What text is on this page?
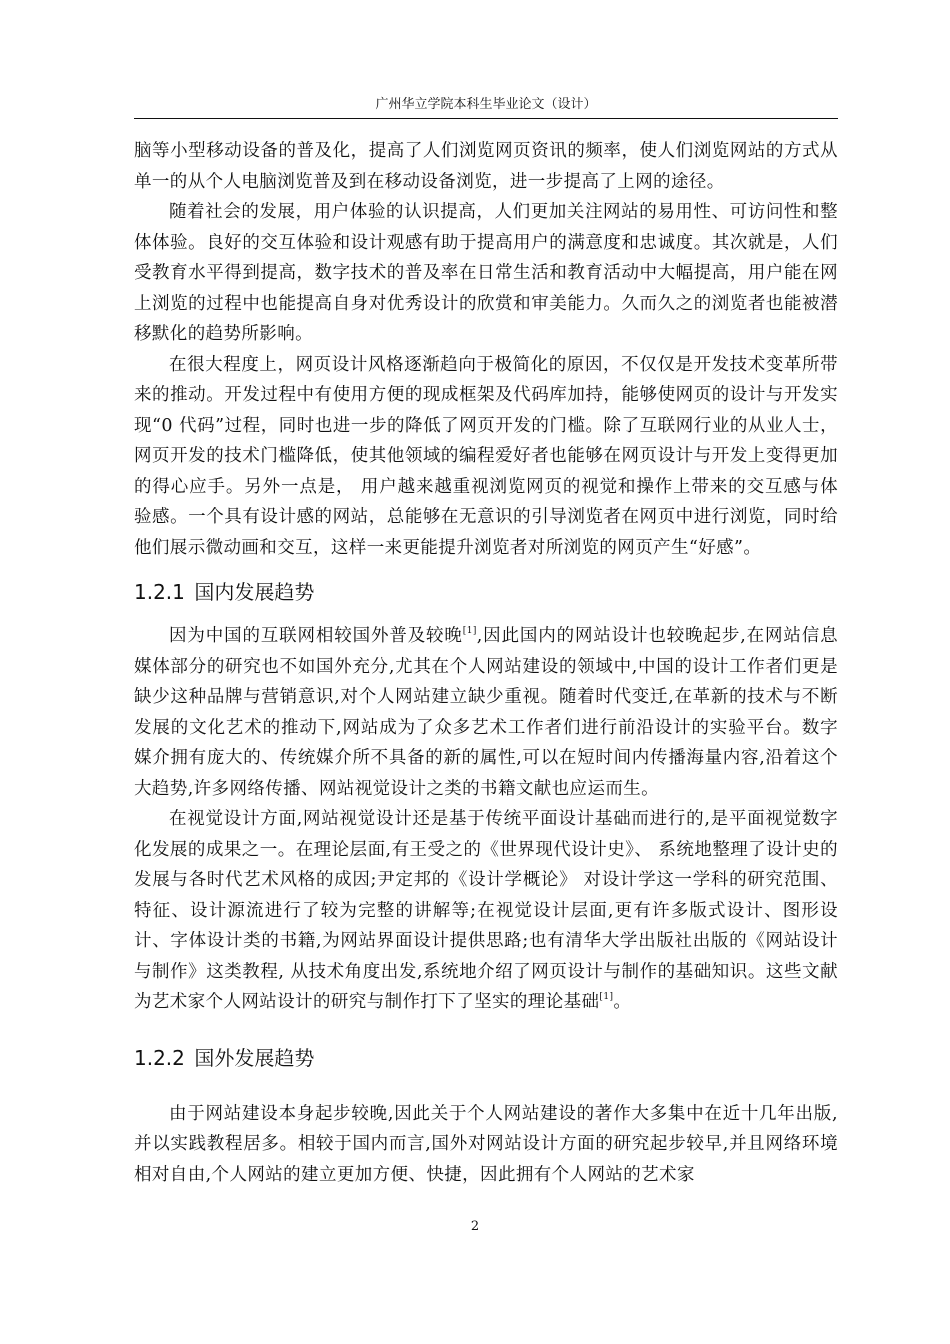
广州华立学院本科生毕业论文（设计）

脑等小型移动设备的普及化，提高了人们浏览网页资讯的频率，使人们浏览网站的方式从单一的从个人电脑浏览普及到在移动设备浏览，进一步提高了上网的途径。

随着社会的发展，用户体验的认识提高，人们更加关注网站的易用性、可访问性和整体体验。良好的交互体验和设计观感有助于提高用户的满意度和忠诚度。其次就是，人们受教育水平得到提高，数字技术的普及率在日常生活和教育活动中大幅提高，用户能在网上浏览的过程中也能提高自身对优秀设计的欣赏和审美能力。久而久之的浏览者也能被潜移默化的趋势所影响。

在很大程度上，网页设计风格逐渐趋向于极简化的原因，不仅仅是开发技术变革所带来的推动。开发过程中有使用方便的现成框架及代码库加持，能够使网页的设计与开发实现“0 代码”过程，同时也进一步的降低了网页开发的门槛。除了互联网行业的从业人士，网页开发的技术门槛降低，使其他领域的编程爱好者也能够在网页设计与开发上变得更加的得心应手。另外一点是， 用户越来越重视浏览网页的视觉和操作上带来的交互感与体验感。一个具有设计感的网站，总能够在无意识的引导浏览者在网页中进行浏览，同时给他们展示微动画和交互，这样一来更能提升浏览者对所浏览的网页产生“好感”。

1.2.1 国内发展趋势

因为中国的互联网相较国外普及较晚[1],因此国内的网站设计也较晚起步,在网站信息媒体部分的研究也不如国外充分,尤其在个人网站建设的领域中,中国的设计工作者们更是缺少这种品牌与营销意识,对个人网站建立缺少重视。随着时代变迁,在革新的技术与不断发展的文化艺术的推动下,网站成为了众多艺术工作者们进行前沿设计的实验平台。数字媒介拥有庞大的、传统媒介所不具备的新的属性,可以在短时间内传播海量内容,沿着这个大趋势,许多网络传播、网站视觉设计之类的书籍文献也应运而生。

在视觉设计方面,网站视觉设计还是基于传统平面设计基础而进行的,是平面视觉数字化发展的成果之一。在理论层面,有王受之的《世界现代设计史》、 系统地整理了设计史的发展与各时代艺术风格的成因;尹定邦的《设计学概论》 对设计学这一学科的研究范围、特征、设计源流进行了较为完整的讲解等;在视觉设计层面,更有许多版式设计、图形设计、字体设计类的书籍,为网站界面设计提供思路;也有清华大学出版社出版的《网站设计与制作》这类教程, 从技术角度出发,系统地介绍了网页设计与制作的基础知识。这些文献为艺术家个人网站设计的研究与制作打下了坚实的理论基础[1]。

1.2.2 国外发展趋势

由于网站建设本身起步较晚,因此关于个人网站建设的著作大多集中在近十几年出版,并以实践教程居多。相较于国内而言,国外对网站设计方面的研究起步较早,并且网络环境相对自由,个人网站的建立更加方便、快捷，因此拥有个人网站的艺术家

2
